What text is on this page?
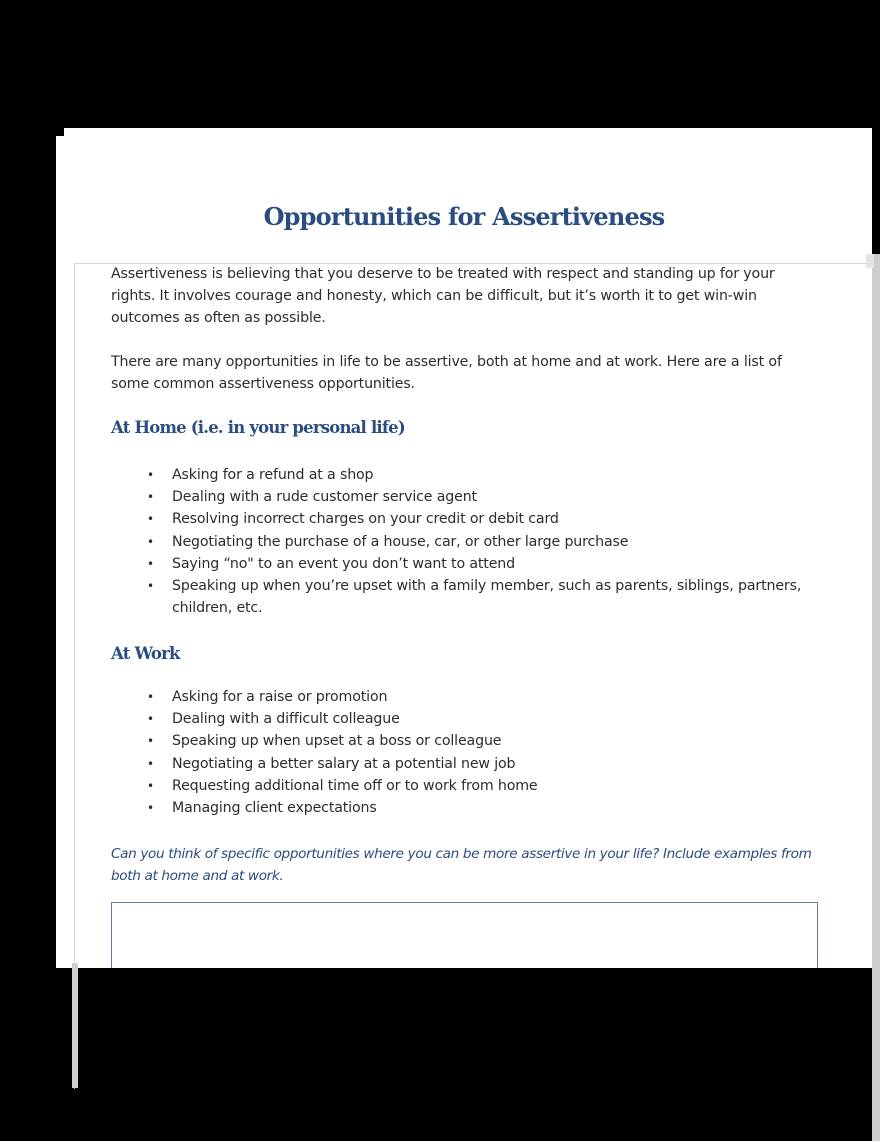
Opportunities for Assertiveness

Assertiveness is believing that you deserve to be treated with respect and standing up for your rights. It involves courage and honesty, which can be difficult, but it’s worth it to get win-win outcomes as often as possible.

There are many opportunities in life to be assertive, both at home and at work. Here are a list of some common assertiveness opportunities.

At Home (i.e. in your personal life)
• Asking for a refund at a shop
• Dealing with a rude customer service agent
• Resolving incorrect charges on your credit or debit card
• Negotiating the purchase of a house, car, or other large purchase
• Saying “no" to an event you don’t want to attend
• Speaking up when you’re upset with a family member, such as parents, siblings, partners, children, etc.
At Work
• Asking for a raise or promotion
• Dealing with a difficult colleague
• Speaking up when upset at a boss or colleague
• Negotiating a better salary at a potential new job
• Requesting additional time off or to work from home
• Managing client expectations

Can you think of specific opportunities where you can be more assertive in your life? Include examples from both at home and at work.
